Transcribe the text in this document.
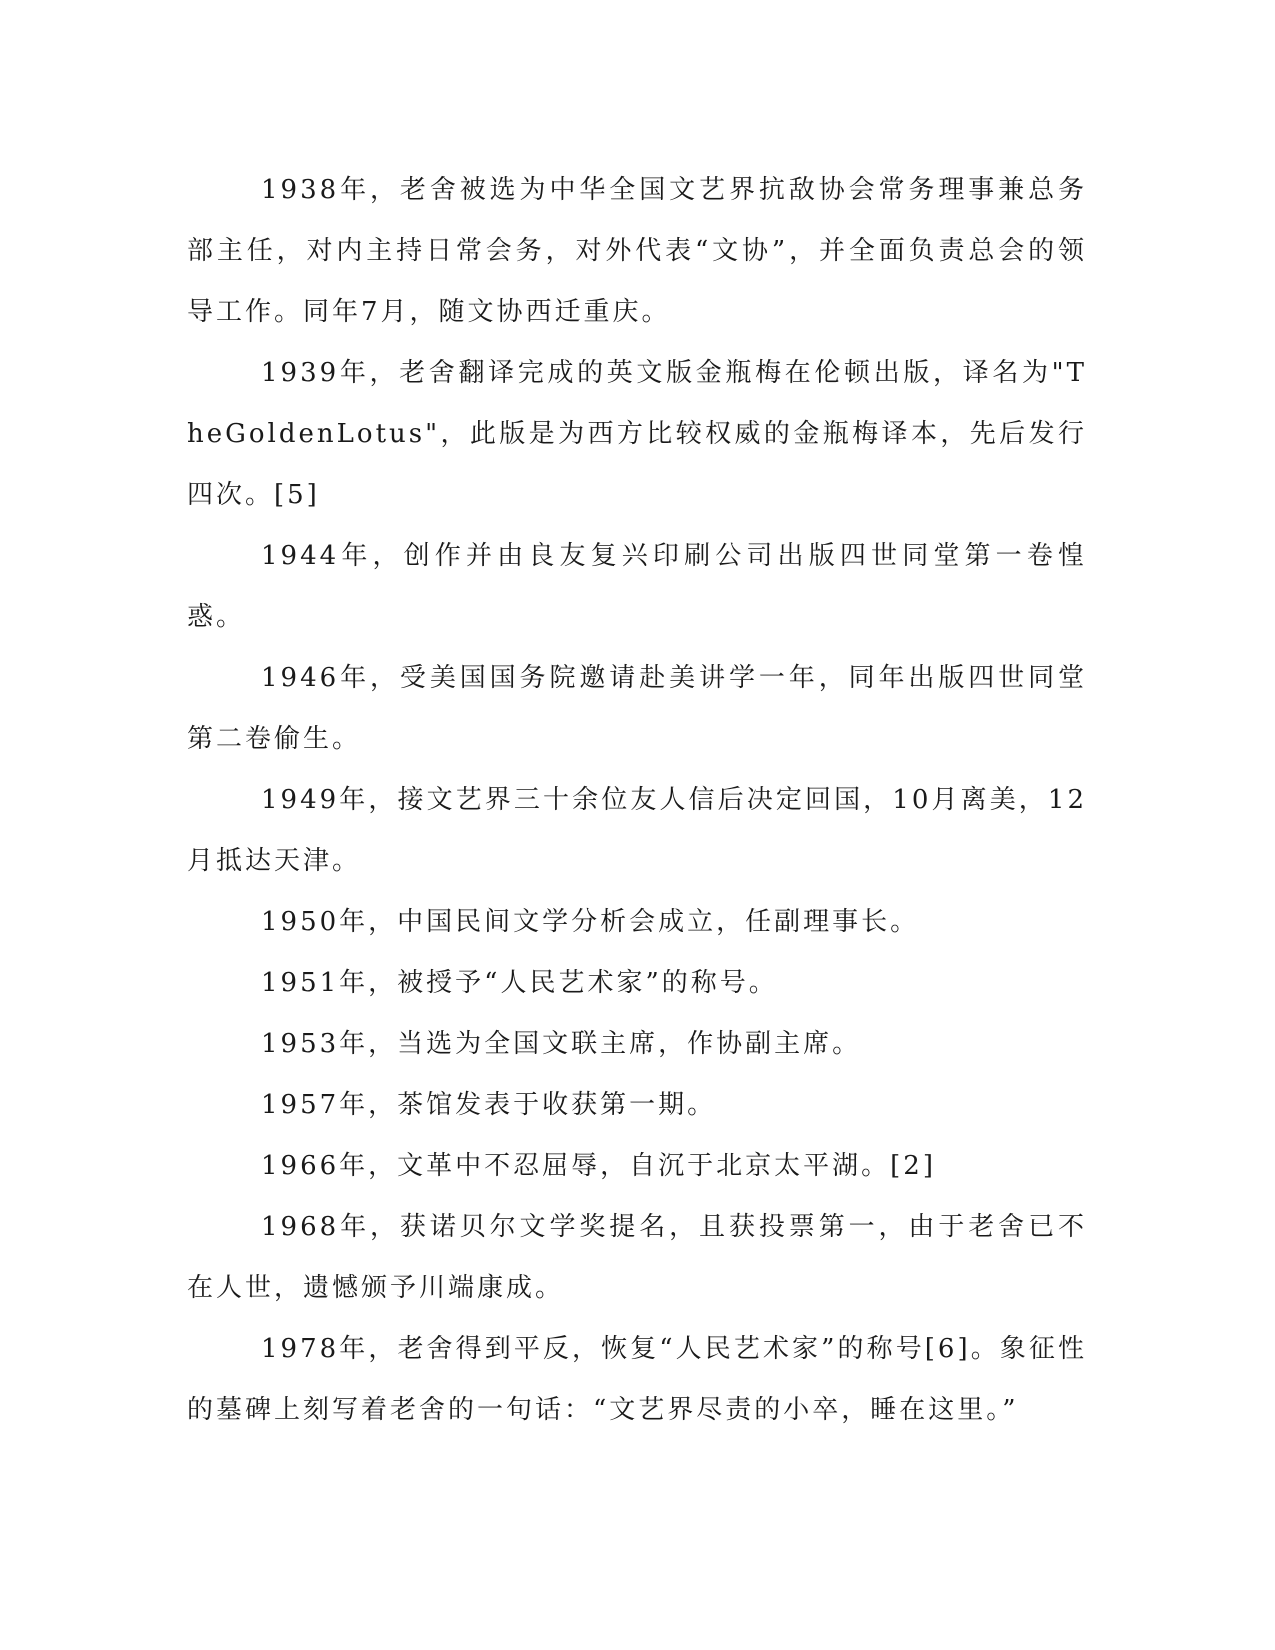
1938年，老舍被选为中华全国文艺界抗敌协会常务理事兼总务部主任，对内主持日常会务，对外代表“文协”，并全面负责总会的领导工作。同年7月，随文协西迁重庆。

1939年，老舍翻译完成的英文版金瓶梅在伦顿出版，译名为"TheGoldenLotus"，此版是为西方比较权威的金瓶梅译本，先后发行四次。[5]

1944年，创作并由良友复兴印刷公司出版四世同堂第一卷惶惑。

1946年，受美国国务院邀请赴美讲学一年，同年出版四世同堂第二卷偷生。

1949年，接文艺界三十余位友人信后决定回国，10月离美，12月抵达天津。

1950年，中国民间文学分析会成立，任副理事长。

1951年，被授予“人民艺术家”的称号。

1953年，当选为全国文联主席，作协副主席。

1957年，茶馆发表于收获第一期。

1966年，文革中不忍屈辱，自沉于北京太平湖。[2]

1968年，获诺贝尔文学奖提名，且获投票第一，由于老舍已不在人世，遗憾颁予川端康成。

1978年，老舍得到平反，恢复“人民艺术家”的称号[6]。象征性的墓碑上刻写着老舍的一句话：“文艺界尽责的小卒，睡在这里。”
